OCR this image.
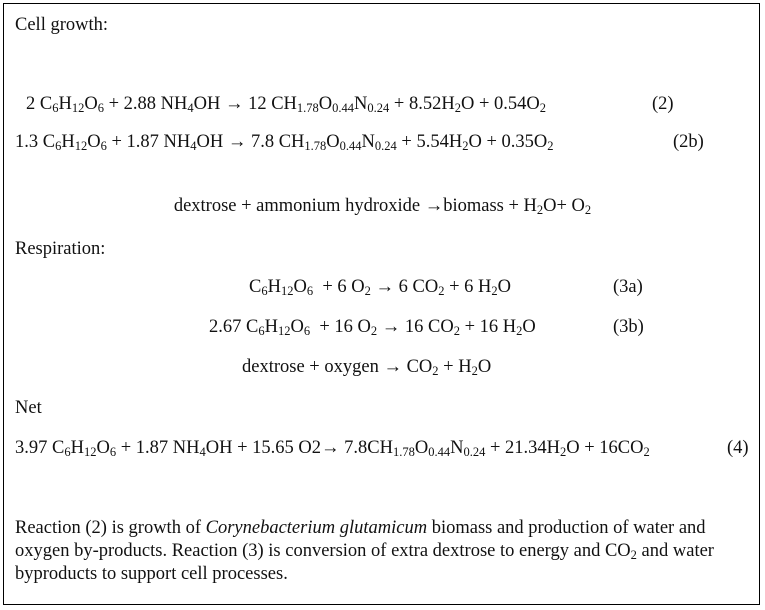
Cell growth:
2 $C_6H_{12}O_6 + 2.88$ $NH_4OH \to 12$ $CH_{1.78}O_{0.44}N_{0.24} + 8.52H_2O + 0.54O_2$	(2)
1.3 $C_6H_{12}O_6 + 1.87$ $NH_4OH \to 7.8$ $CH_{1.78}O_{0.44}N_{0.24} + 5.54H_2O + 0.35O_2$	(2b)
dextrose + ammonium hydroxide →biomass + $H_2O+ O_2$
Respiration:
$C_6H_{12}O_6 + 6$ $O_2 \to 6$ $CO_2 + 6$ $H_2O$	(3a)
2.67 $C_6H_{12}O_6 + 16$ $O_2 \to 16$ $CO_2 + 16$ $H_2O$	(3b)
dextrose + oxygen → $CO_2 + H_2O$
Net
3.97 $C_6H_{12}O_6 + 1.87$ $NH_4OH + 15.65$ $O2\to 7.8CH_{1.78}O_{0.44}N_{0.24} + 21.34H_2O + 16CO_2$	(4)
Reaction (2) is growth of Corynebacterium glutamicum biomass and production of water and oxygen by-products. Reaction (3) is conversion of extra dextrose to energy and $CO_2$ and water byproducts to support cell processes.
